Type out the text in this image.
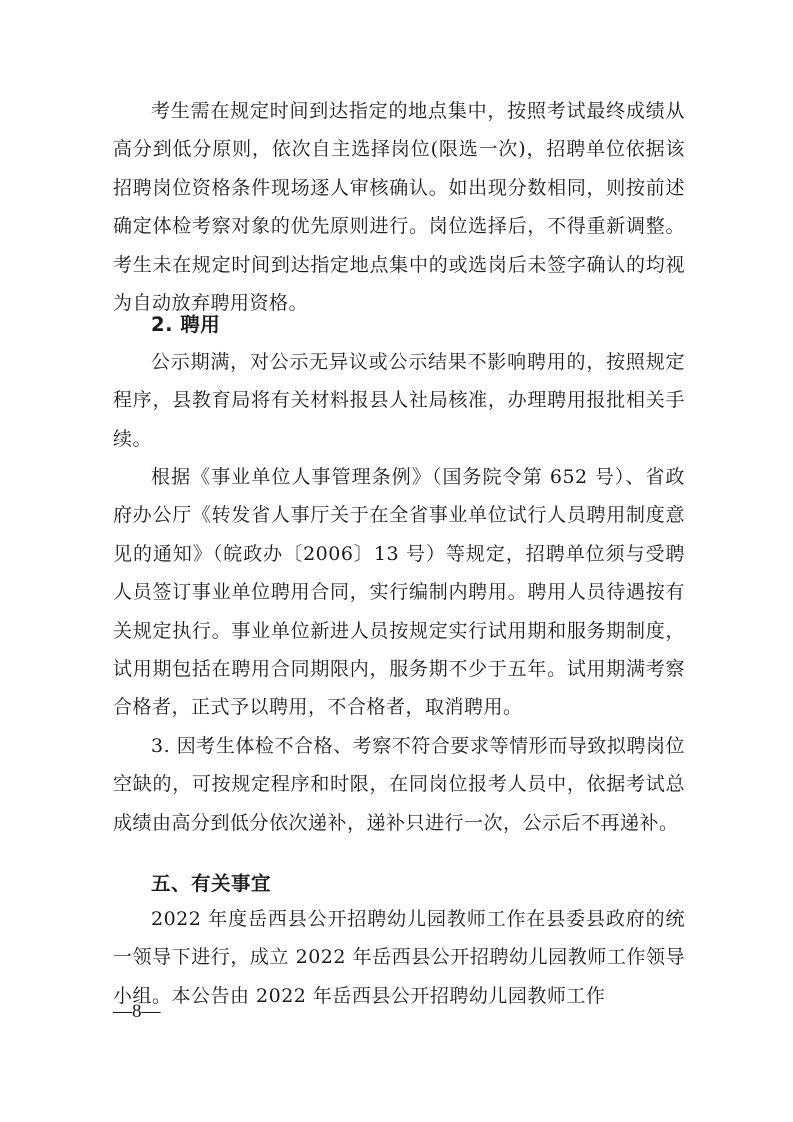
考生需在规定时间到达指定的地点集中，按照考试最终成绩从高分到低分原则，依次自主选择岗位(限选一次)，招聘单位依据该招聘岗位资格条件现场逐人审核确认。如出现分数相同，则按前述确定体检考察对象的优先原则进行。岗位选择后，不得重新调整。考生未在规定时间到达指定地点集中的或选岗后未签字确认的均视为自动放弃聘用资格。

2. 聘用

公示期满，对公示无异议或公示结果不影响聘用的，按照规定程序，县教育局将有关材料报县人社局核准，办理聘用报批相关手续。

根据《事业单位人事管理条例》（国务院令第 652 号）、省政府办公厅《转发省人事厅关于在全省事业单位试行人员聘用制度意见的通知》（皖政办〔2006〕13 号）等规定，招聘单位须与受聘人员签订事业单位聘用合同，实行编制内聘用。聘用人员待遇按有关规定执行。事业单位新进人员按规定实行试用期和服务期制度，试用期包括在聘用合同期限内，服务期不少于五年。试用期满考察合格者，正式予以聘用，不合格者，取消聘用。

3. 因考生体检不合格、考察不符合要求等情形而导致拟聘岗位空缺的，可按规定程序和时限，在同岗位报考人员中，依据考试总成绩由高分到低分依次递补，递补只进行一次，公示后不再递补。

五、有关事宜

2022 年度岳西县公开招聘幼儿园教师工作在县委县政府的统一领导下进行，成立 2022 年岳西县公开招聘幼儿园教师工作领导小组。本公告由 2022 年岳西县公开招聘幼儿园教师工作

—8—
